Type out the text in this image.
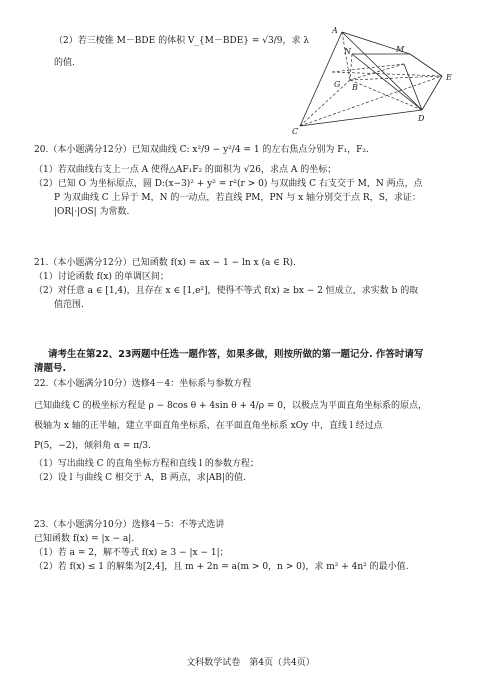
（2）若三棱锥 M－BDE 的体积 V_{M－BDE} = √3/9，求 λ
的值.
A
N	M
G B
E
D
C
20.（本小题满分12分）已知双曲线 C: x²/9 − y²/4 = 1 的左右焦点分别为 F₁，F₂.
（1）若双曲线右支上一点 A 使得△AF₁F₂ 的面积为 √26，求点 A 的坐标；
（2）已知 O 为坐标原点，圆 D:(x−3)² + y² = r²(r > 0) 与双曲线 C 右支交于 M，N 两点，点
P 为双曲线 C 上异于 M，N 的一动点，若直线 PM，PN 与 x 轴分别交于点 R，S，求证：
|OR|·|OS| 为常数.
21.（本小题满分12分）已知函数 f(x) = ax − 1 − ln x (a ∈ R).
（1）讨论函数 f(x) 的单调区间；
（2）对任意 a ∈ [1,4)，且存在 x ∈ [1,e²]，使得不等式 f(x) ≥ bx − 2 恒成立，求实数 b 的取
值范围.
请考生在第22、23两题中任选一题作答，如果多做，则按所做的第一题记分. 作答时请写
清题号.
22.（本小题满分10分）选修4－4：坐标系与参数方程
已知曲线 C 的极坐标方程是 ρ − 8cos θ + 4sin θ + 4/ρ = 0，以极点为平面直角坐标系的原点，
极轴为 x 轴的正半轴，建立平面直角坐标系，在平面直角坐标系 xOy 中，直线 l 经过点
P(5，−2)，倾斜角 α = π/3.
（1）写出曲线 C 的直角坐标方程和直线 l 的参数方程；
（2）设 l 与曲线 C 相交于 A，B 两点，求|AB|的值.
23.（本小题满分10分）选修4－5：不等式选讲
已知函数 f(x) = |x − a|.
（1）若 a = 2，解不等式 f(x) ≥ 3 − |x − 1|；
（2）若 f(x) ≤ 1 的解集为[2,4]，且 m + 2n = a(m > 0，n > 0)，求 m² + 4n² 的最小值.
文科数学试卷　第4页（共4页）
